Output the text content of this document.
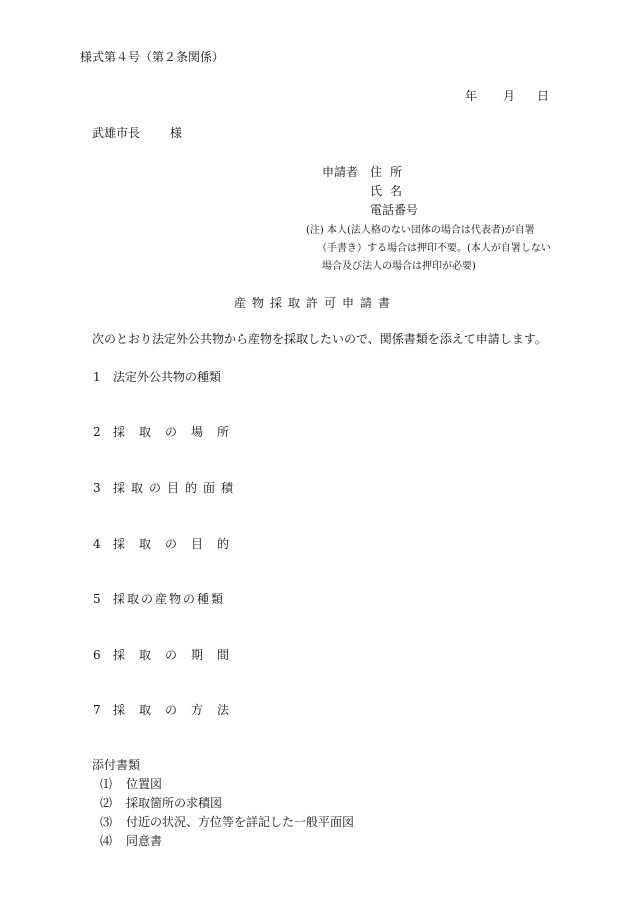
様式第４号（第２条関係）
年 月 日
武雄市長	様
申請者 住所
氏名
電話番号
(注) 本人(法人格のない団体の場合は代表者)が自署
（手書き）する場合は押印不要。(本人が自署しない
場合及び法人の場合は押印が必要)
産物採取許可申請書
次のとおり法定外公共物から産物を採取したいので、関係書類を添えて申請します。
1 法定外公共物の種類
2 採取の場所
3 採取の目的面積
4 採取の目的
5 採取の産物の種類
6 採取の期間
7 採取の方法
添付書類
⑴ 位置図
⑵ 採取箇所の求積図
⑶ 付近の状況、方位等を詳記した一般平面図
⑷ 同意書
